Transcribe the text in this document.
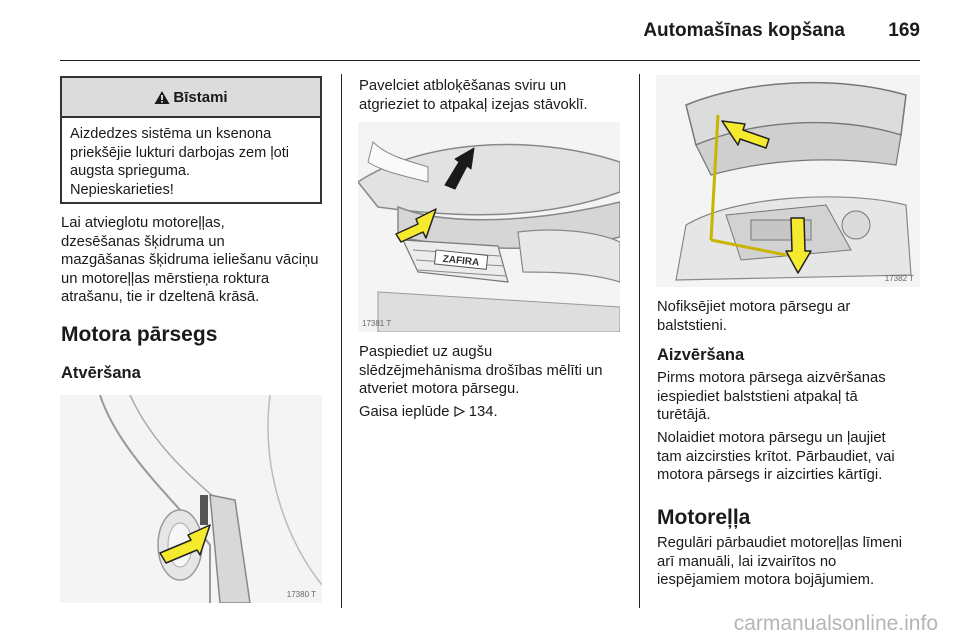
Automašīnas kopšana 169
Bīstami

Aizdedzes sistēma un ksenona

priekšējie lukturi darbojas zem ļoti

augsta sprieguma.

Nepieskarieties!

Lai atvieglotu motoreļļas,
dzesēšanas šķidruma un
mazgāšanas šķidruma ieliešanu vāciņu
un motoreļļas mērstieņa roktura
atrašanu, tie ir dzeltenā krāsā.
Motora pārsegs
Atvēršana
17380 T
Pavelciet atbloķēšanas sviru un
atgrieziet to atpakaļ izejas stāvoklī.
ZAFIRA
17381 T
Paspiediet uz augšu
slēdzējmehānisma drošības mēlīti un
atveriet motora pārsegu.
Gaisa ieplūde 134.
17382 T
Nofiksējiet motora pārsegu ar
balststieni.
Aizvēršana
Pirms motora pārsega aizvēršanas
iespiediet balststieni atpakaļ tā
turētājā.
Nolaidiet motora pārsegu un ļaujiet
tam aizcirsties krītot. Pārbaudiet, vai
motora pārsegs ir aizcirties kārtīgi.
Motoreļļa
Regulāri pārbaudiet motoreļļas līmeni
arī manuāli, lai izvairītos no
iespējamiem motora bojājumiem.
carmanualsonline.info
